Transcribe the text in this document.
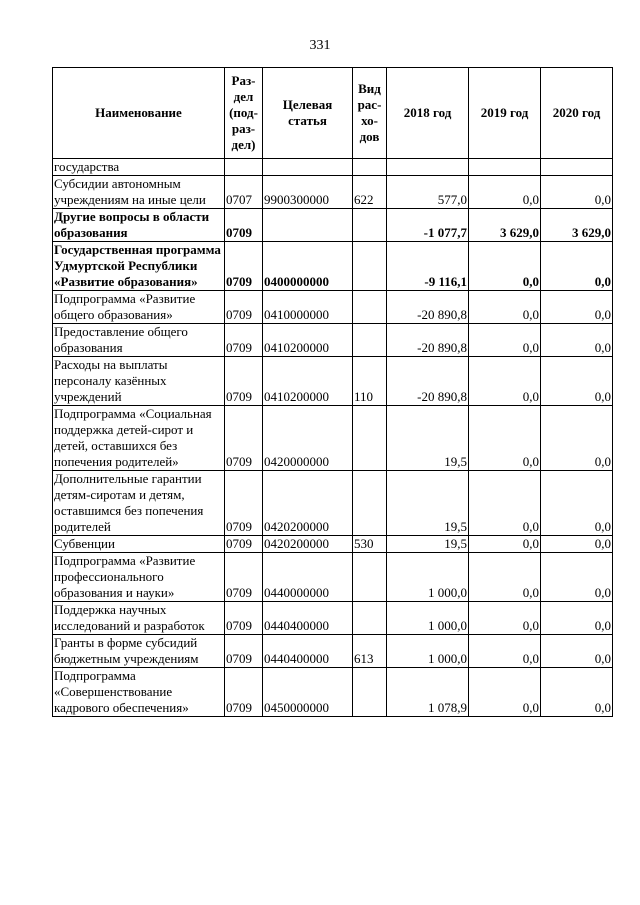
331
Наименование	Раз-дел (под-раз-дел)	Целевая статья	Вид рас-хо-дов	2018 год	2019 год	2020 год
государства						
Субсидии автономным учреждениям на иные цели	0707	9900300000	622	577,0	0,0	0,0
Другие вопросы в области образования	0709			-1 077,7	3 629,0	3 629,0
Государственная программа Удмуртской Республики «Развитие образования»	0709	0400000000		-9 116,1	0,0	0,0
Подпрограмма «Развитие общего образования»	0709	0410000000		-20 890,8	0,0	0,0
Предоставление общего образования	0709	0410200000		-20 890,8	0,0	0,0
Расходы на выплаты персоналу казённых учреждений	0709	0410200000	110	-20 890,8	0,0	0,0
Подпрограмма «Социальная поддержка детей-сирот и детей, оставшихся без попечения родителей»	0709	0420000000		19,5	0,0	0,0
Дополнительные гарантии детям-сиротам и детям, оставшимся без попечения родителей	0709	0420200000		19,5	0,0	0,0
Субвенции	0709	0420200000	530	19,5	0,0	0,0
Подпрограмма «Развитие профессионального образования и науки»	0709	0440000000		1 000,0	0,0	0,0
Поддержка научных исследований и разработок	0709	0440400000		1 000,0	0,0	0,0
Гранты в форме субсидий бюджетным учреждениям	0709	0440400000	613	1 000,0	0,0	0,0
Подпрограмма «Совершенствование кадрового обеспечения»	0709	0450000000		1 078,9	0,0	0,0
